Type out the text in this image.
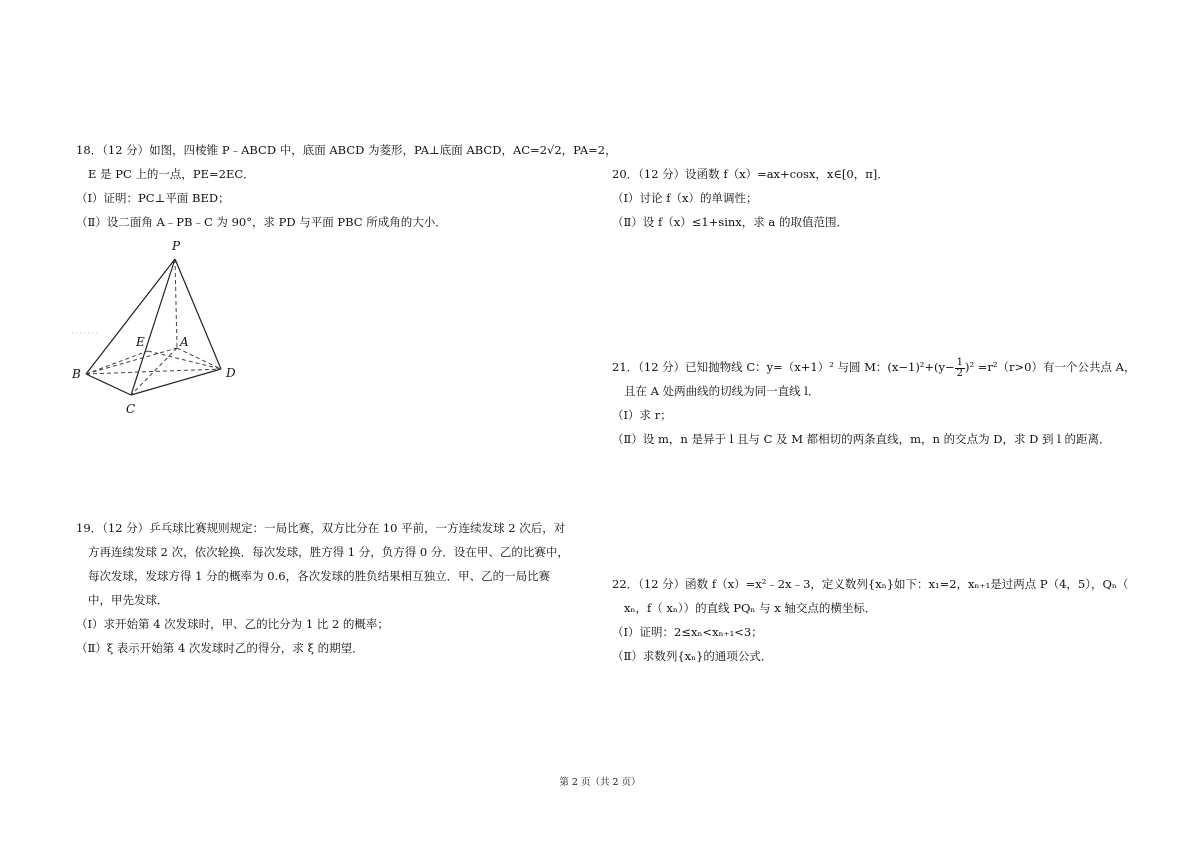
18．（12 分）如图，四棱锥 P﹣ABCD 中，底面 ABCD 为菱形，PA⊥底面 ABCD，AC=2√2，PA=2，
E 是 PC 上的一点，PE=2EC．
（Ⅰ）证明：PC⊥平面 BED；
（Ⅱ）设二面角 A﹣PB﹣C 为 90°，求 PD 与平面 PBC 所成角的大小．
P
E	A
B	D
C
19．（12 分）乒乓球比赛规则规定：一局比赛，双方比分在 10 平前，一方连续发球 2 次后，对
方再连续发球 2 次，依次轮换．每次发球，胜方得 1 分，负方得 0 分．设在甲、乙的比赛中，
每次发球，发球方得 1 分的概率为 0.6，各次发球的胜负结果相互独立．甲、乙的一局比赛
中，甲先发球．
（Ⅰ）求开始第 4 次发球时，甲、乙的比分为 1 比 2 的概率；
（Ⅱ）ξ 表示开始第 4 次发球时乙的得分，求 ξ 的期望．
20．（12 分）设函数 f（x）=ax+cosx，x∈[0，π]．
（Ⅰ）讨论 f（x）的单调性；
（Ⅱ）设 f（x）≤1+sinx，求 a 的取值范围．
21．（12 分）已知抛物线 C：y=（x+1）² 与圆 M：$(x-1)^2+(y- \frac{1}{2} )^2 =r^2(r>0)$有一个公共点 A，
且在 A 处两曲线的切线为同一直线 l．
（Ⅰ）求 r；
（Ⅱ）设 m，n 是异于 l 且与 C 及 M 都相切的两条直线，m，n 的交点为 D，求 D 到 l 的距离．
22．（12 分）函数 f（x）=x²﹣2x﹣3，定义数列{xₙ}如下：x₁=2，xₙ₊₁是过两点 P（4，5），Qₙ（
xₙ，f（ xₙ））的直线 PQₙ 与 x 轴交点的横坐标．
（Ⅰ）证明：2≤xₙ<xₙ₊₁<3；
（Ⅱ）求数列{xₙ}的通项公式．
第 2 页（共 2 页）
